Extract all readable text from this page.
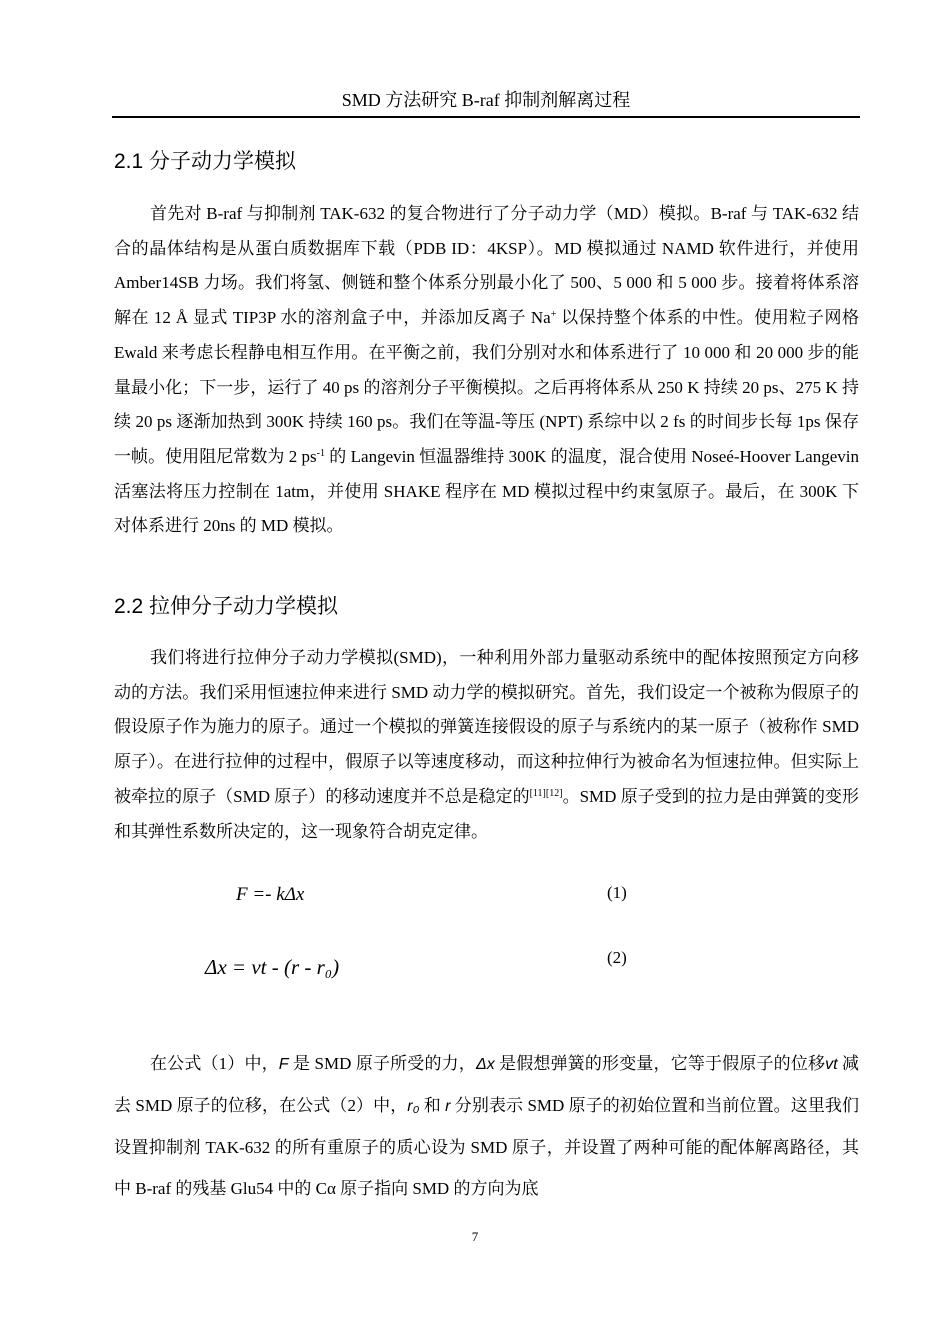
SMD 方法研究 B-raf 抑制剂解离过程
2.1 分子动力学模拟

首先对 B-raf 与抑制剂 TAK-632 的复合物进行了分子动力学（MD）模拟。B-raf 与 TAK-632 结合的晶体结构是从蛋白质数据库下载（PDB ID：4KSP）。MD 模拟通过 NAMD 软件进行，并使用 Amber14SB 力场。我们将氢、侧链和整个体系分别最小化了 500、5 000 和 5 000 步。接着将体系溶解在 12 Å 显式 TIP3P 水的溶剂盒子中，并添加反离子 Na+ 以保持整个体系的中性。使用粒子网格 Ewald 来考虑长程静电相互作用。在平衡之前，我们分别对水和体系进行了 10 000 和 20 000 步的能量最小化；下一步，运行了 40 ps 的溶剂分子平衡模拟。之后再将体系从 250 K 持续 20 ps、275 K 持续 20 ps 逐渐加热到 300K 持续 160 ps。我们在等温-等压 (NPT) 系综中以 2 fs 的时间步长每 1ps 保存一帧。使用阻尼常数为 2 $ps^{-1}$ 的 Langevin 恒温器维持 300K 的温度，混合使用 Noseé-Hoover Langevin 活塞法将压力控制在 1atm，并使用 SHAKE 程序在 MD 模拟过程中约束氢原子。最后，在 300K 下对体系进行 20ns 的 MD 模拟。

2.2 拉伸分子动力学模拟

我们将进行拉伸分子动力学模拟(SMD)，一种利用外部力量驱动系统中的配体按照预定方向移动的方法。我们采用恒速拉伸来进行 SMD 动力学的模拟研究。首先，我们设定一个被称为假原子的假设原子作为施力的原子。通过一个模拟的弹簧连接假设的原子与系统内的某一原子（被称作 SMD 原子）。在进行拉伸的过程中，假原子以等速度移动，而这种拉伸行为被命名为恒速拉伸。但实际上被牵拉的原子（SMD 原子）的移动速度并不总是稳定的[11][12]。SMD 原子受到的拉力是由弹簧的变形和其弹性系数所决定的，这一现象符合胡克定律。

F =- kΔx	(1)
Δx = vt - (r - r₀)	(2)

在公式（1）中，F 是 SMD 原子所受的力，Δx 是假想弹簧的形变量，它等于假原子的位移vt 减去 SMD 原子的位移，在公式（2）中，r₀ 和 r 分别表示 SMD 原子的初始位置和当前位置。这里我们设置抑制剂 TAK-632 的所有重原子的质心设为 SMD 原子，并设置了两种可能的配体解离路径，其中 B-raf 的残基 Glu54 中的 Cα 原子指向 SMD 的方向为底

7
